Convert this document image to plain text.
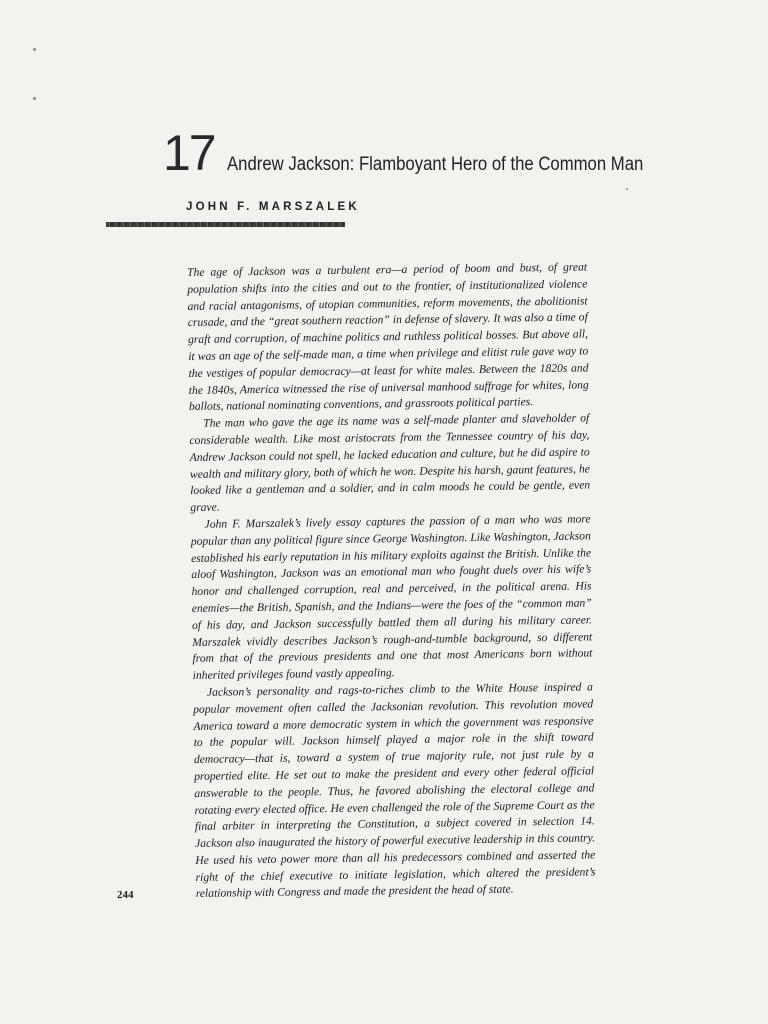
17 Andrew Jackson: Flamboyant Hero of the Common Man
JOHN F. MARSZALEK

The age of Jackson was a turbulent era—a period of boom and bust, of great population shifts into the cities and out to the frontier, of institutionalized violence and racial antagonisms, of utopian communities, reform movements, the abolitionist crusade, and the “great southern reaction” in defense of slavery. It was also a time of graft and corruption, of machine politics and ruthless political bosses. But above all, it was an age of the self-made man, a time when privilege and elitist rule gave way to the vestiges of popular democracy—at least for white males. Between the 1820s and the 1840s, America witnessed the rise of universal manhood suffrage for whites, long ballots, national nominating conventions, and grassroots political parties.

The man who gave the age its name was a self-made planter and slaveholder of considerable wealth. Like most aristocrats from the Tennessee country of his day, Andrew Jackson could not spell, he lacked education and culture, but he did aspire to wealth and military glory, both of which he won. Despite his harsh, gaunt features, he looked like a gentleman and a soldier, and in calm moods he could be gentle, even grave.

John F. Marszalek’s lively essay captures the passion of a man who was more popular than any political figure since George Washington. Like Washington, Jackson established his early reputation in his military exploits against the British. Unlike the aloof Washington, Jackson was an emotional man who fought duels over his wife’s honor and challenged corruption, real and perceived, in the political arena. His enemies—the British, Spanish, and the Indians—were the foes of the “common man” of his day, and Jackson successfully battled them all during his military career. Marszalek vividly describes Jackson’s rough-and-tumble background, so different from that of the previous presidents and one that most Americans born without inherited privileges found vastly appealing.

Jackson’s personality and rags-to-riches climb to the White House inspired a popular movement often called the Jacksonian revolution. This revolution moved America toward a more democratic system in which the government was responsive to the popular will. Jackson himself played a major role in the shift toward democracy—that is, toward a system of true majority rule, not just rule by a propertied elite. He set out to make the president and every other federal official answerable to the people. Thus, he favored abolishing the electoral college and rotating every elected office. He even challenged the role of the Supreme Court as the final arbiter in interpreting the Constitution, a subject covered in selection 14. Jackson also inaugurated the history of powerful executive leadership in this country. He used his veto power more than all his predecessors combined and asserted the right of the chief executive to initiate legislation, which altered the president’s relationship with Congress and made the president the head of state.

244
